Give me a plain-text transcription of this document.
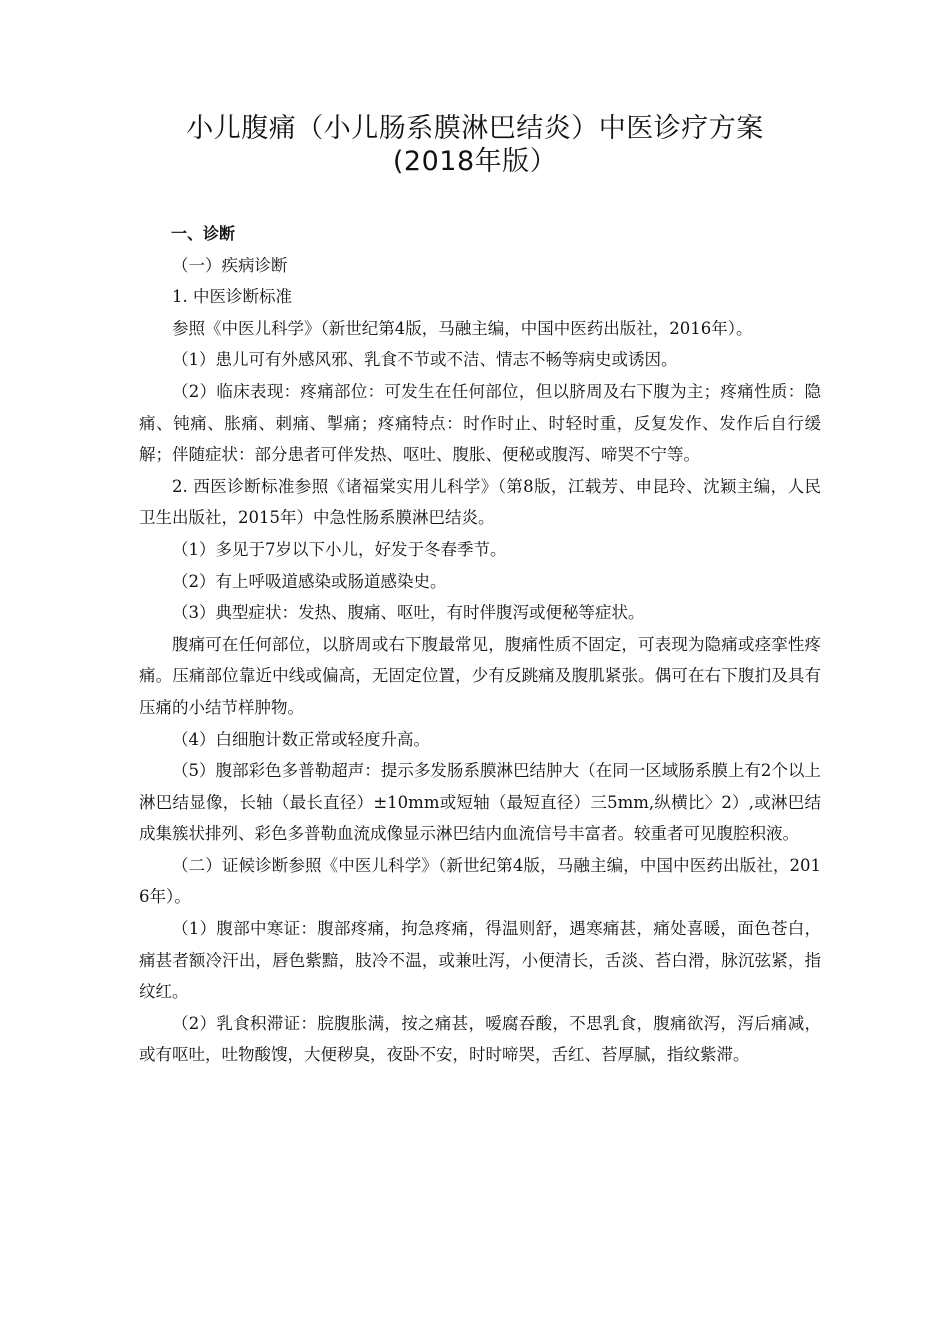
小儿腹痛（小儿肠系膜淋巴结炎）中医诊疗方案
(2018年版）

一、诊断

（一）疾病诊断

1. 中医诊断标准

参照《中医儿科学》（新世纪第4版，马融主编，中国中医药出版社，2016年）。

（1）患儿可有外感风邪、乳食不节或不洁、情志不畅等病史或诱因。

（2）临床表现：疼痛部位：可发生在任何部位，但以脐周及右下腹为主；疼痛性质：隐痛、钝痛、胀痛、刺痛、掣痛；疼痛特点：时作时止、时轻时重，反复发作、发作后自行缓解；伴随症状：部分患者可伴发热、呕吐、腹胀、便秘或腹泻、啼哭不宁等。

2. 西医诊断标准参照《诸福棠实用儿科学》（第8版，江载芳、申昆玲、沈颖主编，人民卫生出版社，2015年）中急性肠系膜淋巴结炎。

（1）多见于7岁以下小儿，好发于冬春季节。

（2）有上呼吸道感染或肠道感染史。

（3）典型症状：发热、腹痛、呕吐，有时伴腹泻或便秘等症状。

腹痛可在任何部位，以脐周或右下腹最常见，腹痛性质不固定，可表现为隐痛或痉挛性疼痛。压痛部位靠近中线或偏高，无固定位置，少有反跳痛及腹肌紧张。偶可在右下腹扪及具有压痛的小结节样肿物。

（4）白细胞计数正常或轻度升高。

（5）腹部彩色多普勒超声：提示多发肠系膜淋巴结肿大（在同一区域肠系膜上有2个以上淋巴结显像，长轴（最长直径）±10mm或短轴（最短直径）三5mm,纵横比〉2）,或淋巴结成集簇状排列、彩色多普勒血流成像显示淋巴结内血流信号丰富者。较重者可见腹腔积液。

（二）证候诊断参照《中医儿科学》（新世纪第4版，马融主编，中国中医药出版社，2016年）。

（1）腹部中寒证：腹部疼痛，拘急疼痛，得温则舒，遇寒痛甚，痛处喜暖，面色苍白，痛甚者额冷汗出，唇色紫黯，肢冷不温，或兼吐泻，小便清长，舌淡、苔白滑，脉沉弦紧，指纹红。

（2）乳食积滞证：脘腹胀满，按之痛甚，嗳腐吞酸，不思乳食，腹痛欲泻，泻后痛减，或有呕吐，吐物酸馊，大便秽臭，夜卧不安，时时啼哭，舌红、苔厚腻，指纹紫滞。
